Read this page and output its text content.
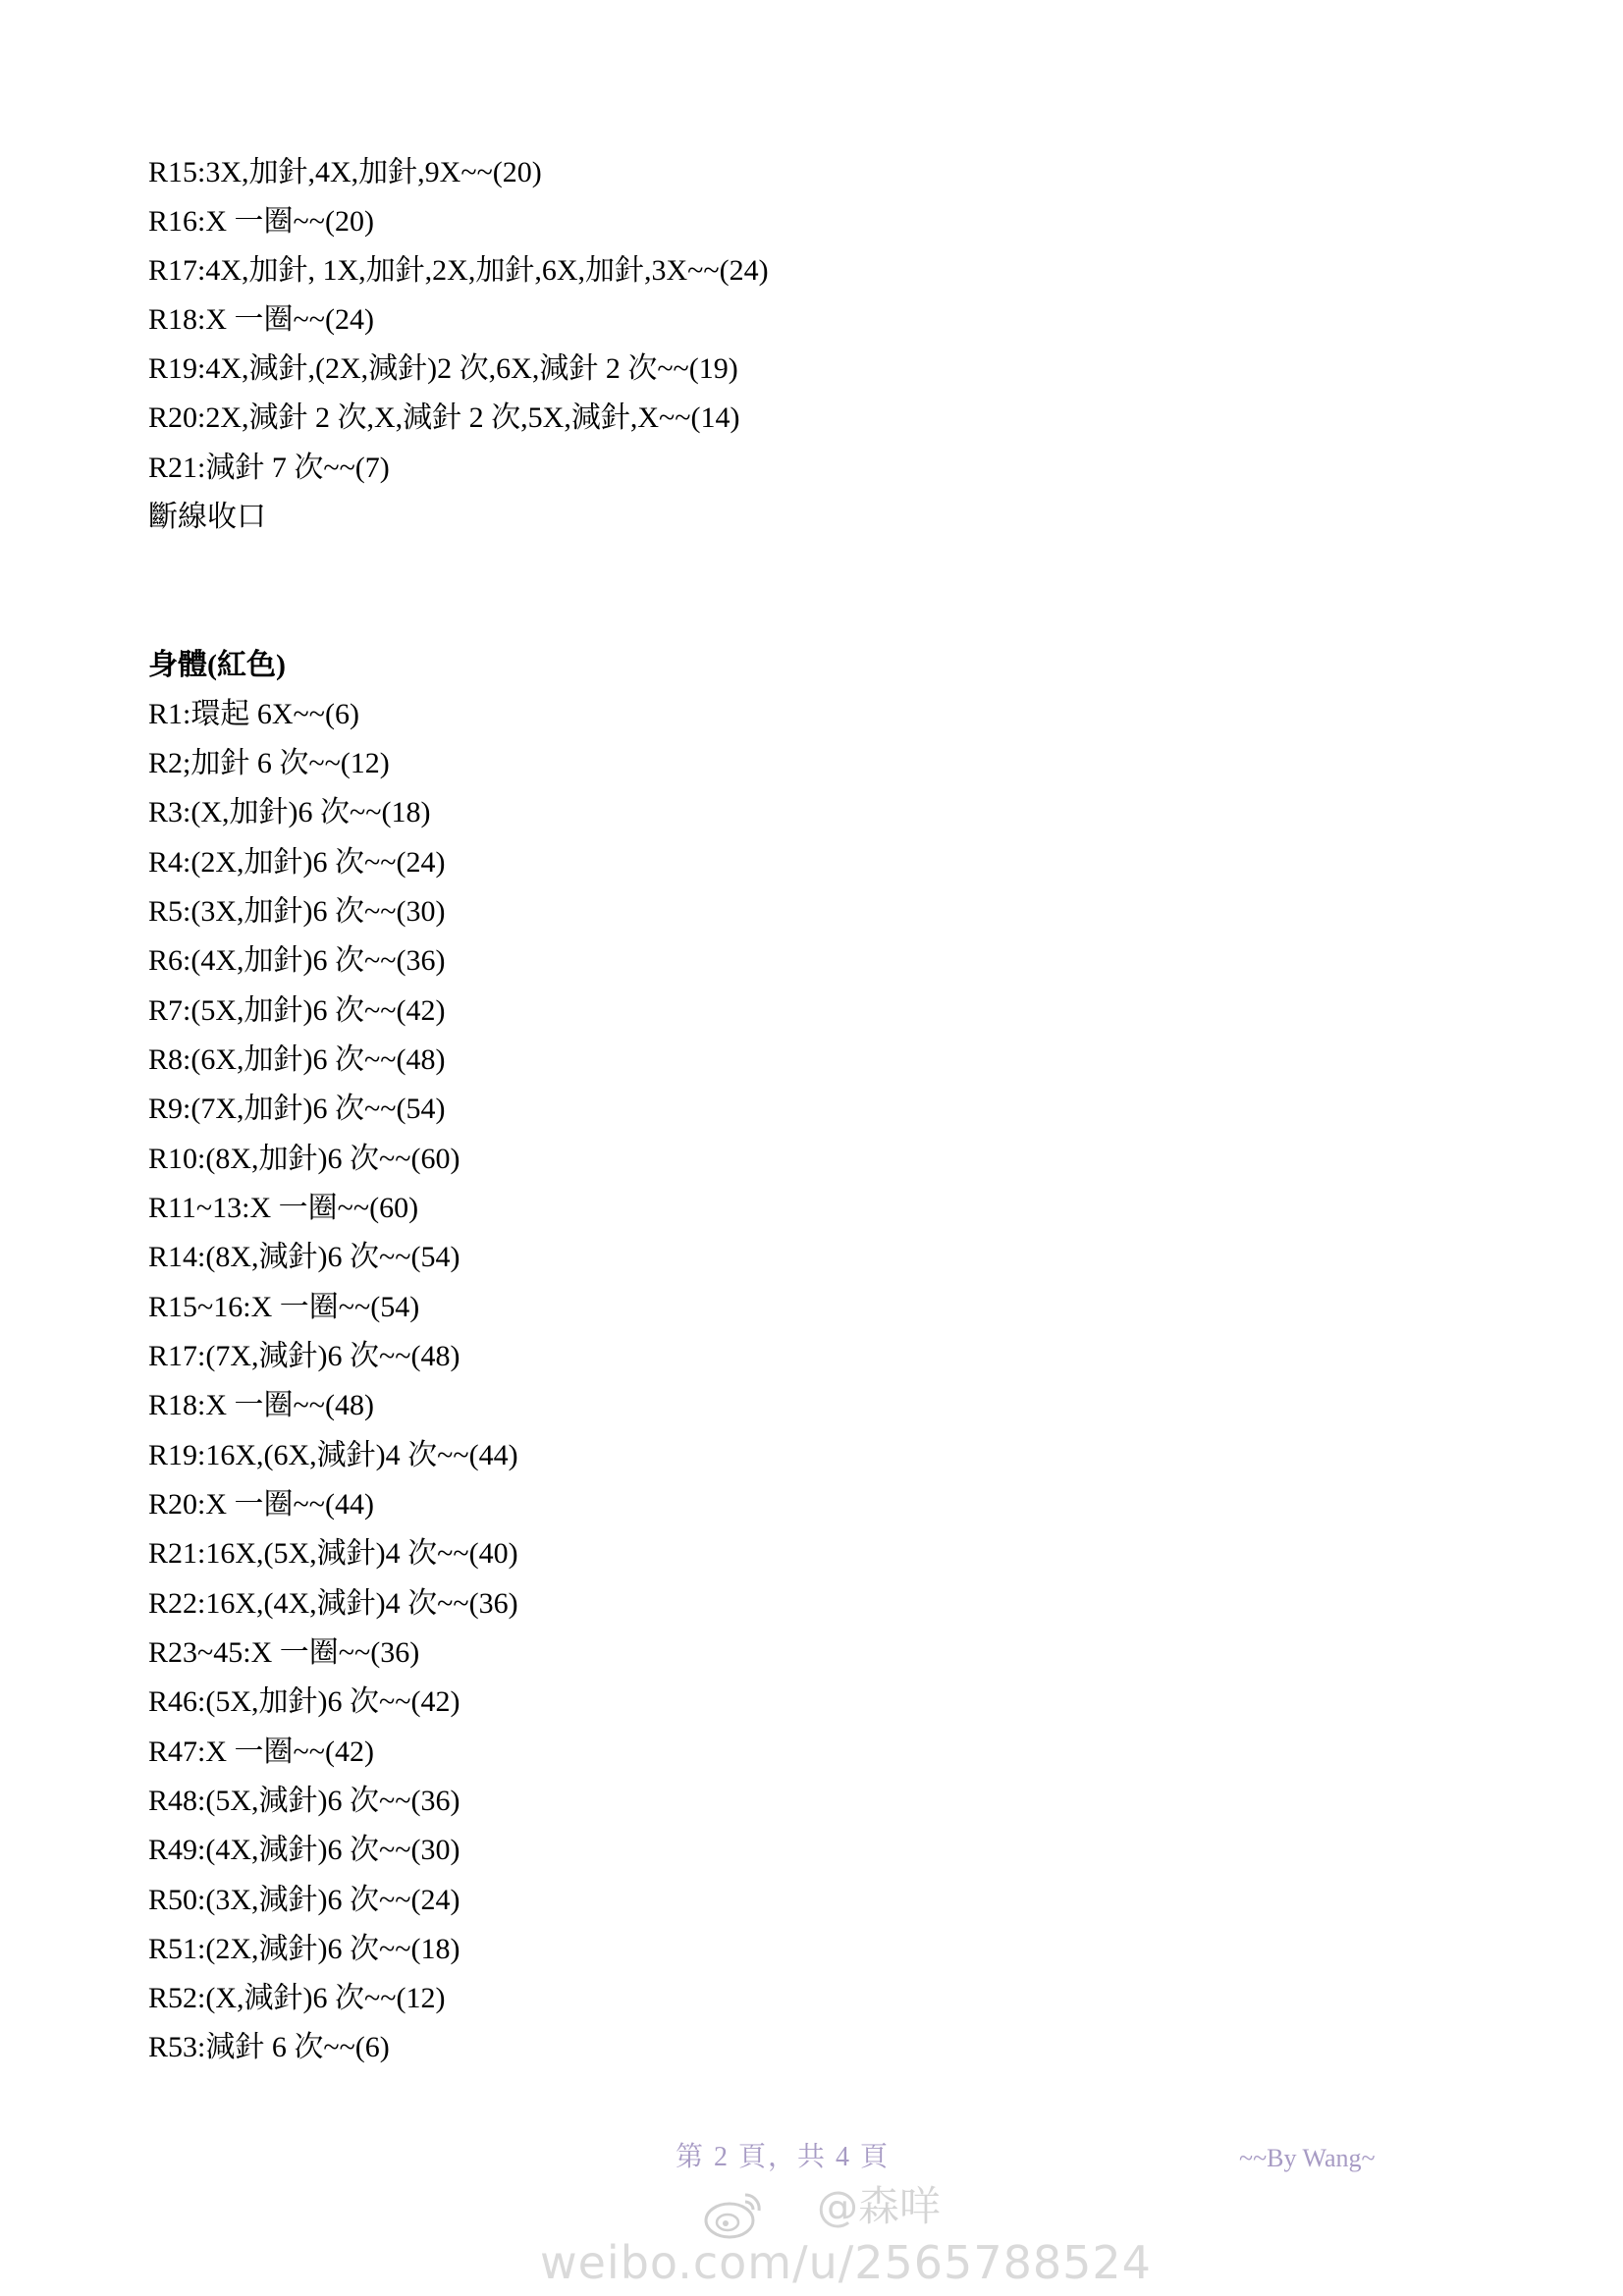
R15:3X,加針,4X,加針,9X~~(20)
R16:X 一圈~~(20)
R17:4X,加針, 1X,加針,2X,加針,6X,加針,3X~~(24)
R18:X 一圈~~(24)
R19:4X,減針,(2X,減針)2 次,6X,減針 2 次~~(19)
R20:2X,減針 2 次,X,減針 2 次,5X,減針,X~~(14)
R21:減針 7 次~~(7)
斷線收口
身體(紅色)
R1:環起 6X~~(6)
R2;加針 6 次~~(12)
R3:(X,加針)6 次~~(18)
R4:(2X,加針)6 次~~(24)
R5:(3X,加針)6 次~~(30)
R6:(4X,加針)6 次~~(36)
R7:(5X,加針)6 次~~(42)
R8:(6X,加針)6 次~~(48)
R9:(7X,加針)6 次~~(54)
R10:(8X,加針)6 次~~(60)
R11~13:X 一圈~~(60)
R14:(8X,減針)6 次~~(54)
R15~16:X 一圈~~(54)
R17:(7X,減針)6 次~~(48)
R18:X 一圈~~(48)
R19:16X,(6X,減針)4 次~~(44)
R20:X 一圈~~(44)
R21:16X,(5X,減針)4 次~~(40)
R22:16X,(4X,減針)4 次~~(36)
R23~45:X 一圈~~(36)
R46:(5X,加針)6 次~~(42)
R47:X 一圈~~(42)
R48:(5X,減針)6 次~~(36)
R49:(4X,減針)6 次~~(30)
R50:(3X,減針)6 次~~(24)
R51:(2X,減針)6 次~~(18)
R52:(X,減針)6 次~~(12)
R53:減針 6 次~~(6)
第 2 頁，共 4 頁	~~By Wang~
@森咩
weibo.com/u/2565788524
